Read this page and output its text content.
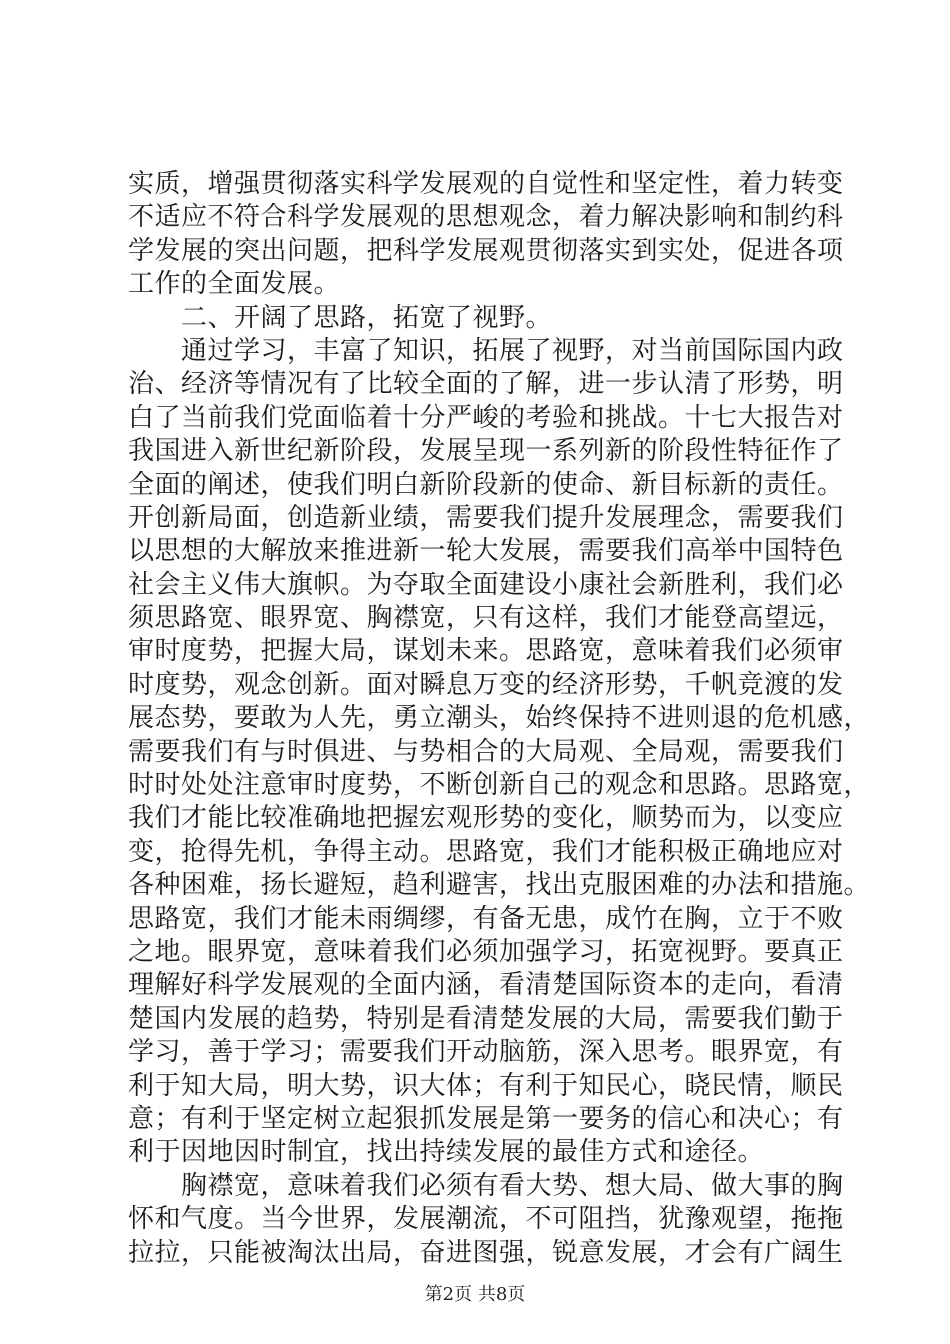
实质，增强贯彻落实科学发展观的自觉性和坚定性，着力转变
不适应不符合科学发展观的思想观念，着力解决影响和制约科
学发展的突出问题，把科学发展观贯彻落实到实处，促进各项
工作的全面发展。
二、开阔了思路，拓宽了视野。
通过学习，丰富了知识，拓展了视野，对当前国际国内政
治、经济等情况有了比较全面的了解，进一步认清了形势，明
白了当前我们党面临着十分严峻的考验和挑战。十七大报告对
我国进入新世纪新阶段，发展呈现一系列新的阶段性特征作了
全面的阐述，使我们明白新阶段新的使命、新目标新的责任。
开创新局面，创造新业绩，需要我们提升发展理念，需要我们
以思想的大解放来推进新一轮大发展，需要我们高举中国特色
社会主义伟大旗帜。为夺取全面建设小康社会新胜利，我们必
须思路宽、眼界宽、胸襟宽，只有这样，我们才能登高望远，
审时度势，把握大局，谋划未来。思路宽，意味着我们必须审
时度势，观念创新。面对瞬息万变的经济形势，千帆竞渡的发
展态势，要敢为人先，勇立潮头，始终保持不进则退的危机感，
需要我们有与时俱进、与势相合的大局观、全局观，需要我们
时时处处注意审时度势，不断创新自己的观念和思路。思路宽，
我们才能比较准确地把握宏观形势的变化，顺势而为，以变应
变，抢得先机，争得主动。思路宽，我们才能积极正确地应对
各种困难，扬长避短，趋利避害，找出克服困难的办法和措施。
思路宽，我们才能未雨绸缪，有备无患，成竹在胸，立于不败
之地。眼界宽，意味着我们必须加强学习，拓宽视野。要真正
理解好科学发展观的全面内涵，看清楚国际资本的走向，看清
楚国内发展的趋势，特别是看清楚发展的大局，需要我们勤于
学习，善于学习；需要我们开动脑筋，深入思考。眼界宽，有
利于知大局，明大势，识大体；有利于知民心，晓民情，顺民
意；有利于坚定树立起狠抓发展是第一要务的信心和决心；有
利于因地因时制宜，找出持续发展的最佳方式和途径。
胸襟宽，意味着我们必须有看大势、想大局、做大事的胸
怀和气度。当今世界，发展潮流，不可阻挡，犹豫观望，拖拖
拉拉，只能被淘汰出局，奋进图强，锐意发展，才会有广阔生
第2页 共8页
